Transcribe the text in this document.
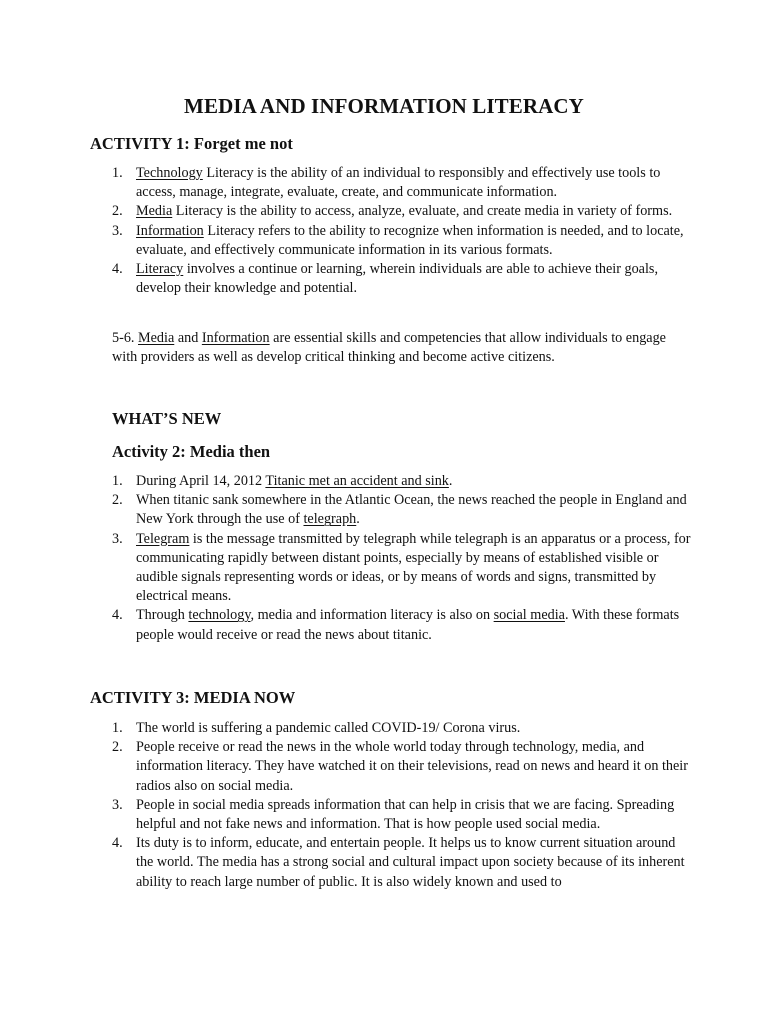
MEDIA AND INFORMATION LITERACY
ACTIVITY 1: Forget me not
1. Technology Literacy is the ability of an individual to responsibly and effectively use tools to access, manage, integrate, evaluate, create, and communicate information.
2. Media Literacy is the ability to access, analyze, evaluate, and create media in variety of forms.
3. Information Literacy refers to the ability to recognize when information is needed, and to locate, evaluate, and effectively communicate information in its various formats.
4. Literacy involves a continue or learning, wherein individuals are able to achieve their goals, develop their knowledge and potential.

5-6. Media and Information are essential skills and competencies that allow individuals to engage with providers as well as develop critical thinking and become active citizens.

WHAT’S NEW
Activity 2: Media then
1. During April 14, 2012 Titanic met an accident and sink.
2. When titanic sank somewhere in the Atlantic Ocean, the news reached the people in England and New York through the use of telegraph.
3. Telegram is the message transmitted by telegraph while telegraph is an apparatus or a process, for communicating rapidly between distant points, especially by means of established visible or audible signals representing words or ideas, or by means of words and signs, transmitted by electrical means.
4. Through technology, media and information literacy is also on social media. With these formats people would receive or read the news about titanic.
ACTIVITY 3: MEDIA NOW
1. The world is suffering a pandemic called COVID-19/ Corona virus.
2. People receive or read the news in the whole world today through technology, media, and information literacy. They have watched it on their televisions, read on news and heard it on their radios also on social media.
3. People in social media spreads information that can help in crisis that we are facing. Spreading helpful and not fake news and information. That is how people used social media.
4. Its duty is to inform, educate, and entertain people. It helps us to know current situation around the world. The media has a strong social and cultural impact upon society because of its inherent ability to reach large number of public. It is also widely known and used to
